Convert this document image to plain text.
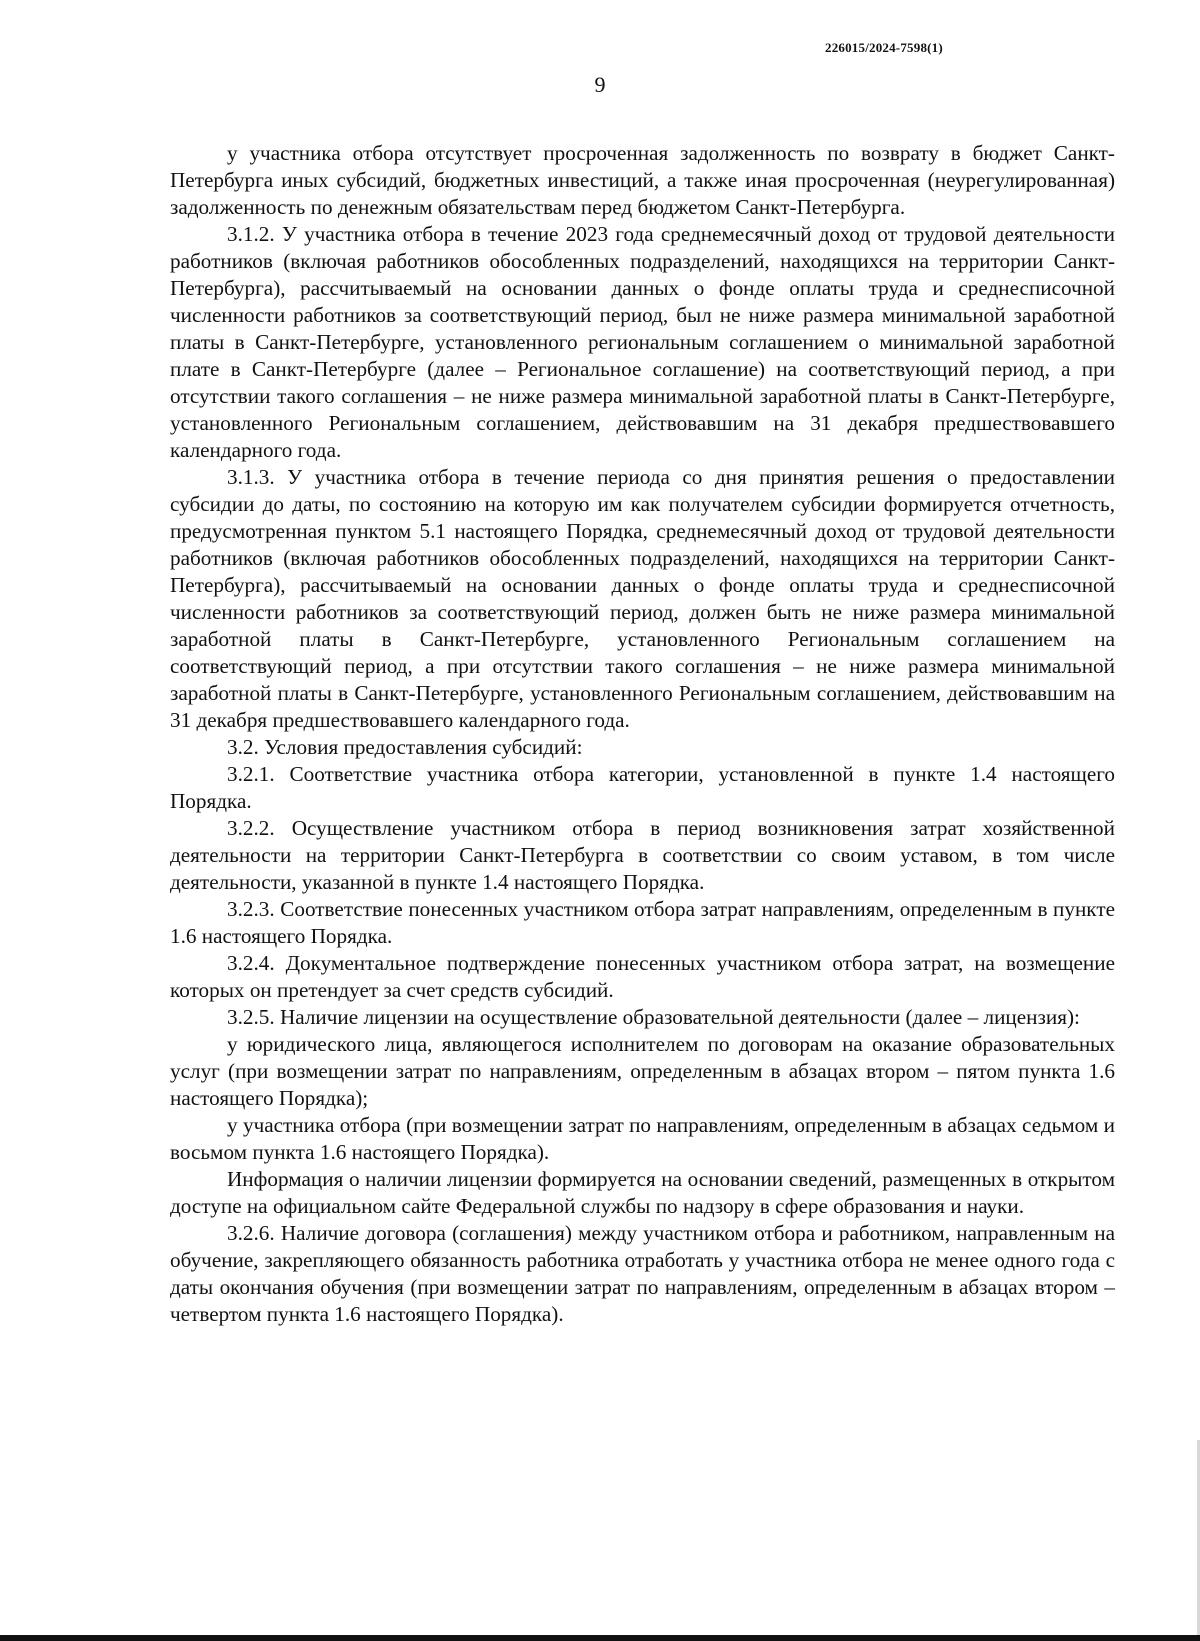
226015/2024-7598(1)
9

у участника отбора отсутствует просроченная задолженность по возврату в бюджет Санкт-Петербурга иных субсидий, бюджетных инвестиций, а также иная просроченная (неурегулированная) задолженность по денежным обязательствам перед бюджетом Санкт-Петербурга.

3.1.2. У участника отбора в течение 2023 года среднемесячный доход от трудовой деятельности работников (включая работников обособленных подразделений, находящихся на территории Санкт-Петербурга), рассчитываемый на основании данных о фонде оплаты труда и среднесписочной численности работников за соответствующий период, был не ниже размера минимальной заработной платы в Санкт-Петербурге, установленного региональным соглашением о минимальной заработной плате в Санкт-Петербурге (далее – Региональное соглашение) на соответствующий период, а при отсутствии такого соглашения – не ниже размера минимальной заработной платы в Санкт-Петербурге, установленного Региональным соглашением, действовавшим на 31 декабря предшествовавшего календарного года.

3.1.3. У участника отбора в течение периода со дня принятия решения о предоставлении субсидии до даты, по состоянию на которую им как получателем субсидии формируется отчетность, предусмотренная пунктом 5.1 настоящего Порядка, среднемесячный доход от трудовой деятельности работников (включая работников обособленных подразделений, находящихся на территории Санкт-Петербурга), рассчитываемый на основании данных о фонде оплаты труда и среднесписочной численности работников за соответствующий период, должен быть не ниже размера минимальной заработной платы в Санкт-Петербурге, установленного Региональным соглашением на соответствующий период, а при отсутствии такого соглашения – не ниже размера минимальной заработной платы в Санкт-Петербурге, установленного Региональным соглашением, действовавшим на 31 декабря предшествовавшего календарного года.

3.2. Условия предоставления субсидий:

3.2.1. Соответствие участника отбора категории, установленной в пункте 1.4 настоящего Порядка.

3.2.2. Осуществление участником отбора в период возникновения затрат хозяйственной деятельности на территории Санкт-Петербурга в соответствии со своим уставом, в том числе деятельности, указанной в пункте 1.4 настоящего Порядка.

3.2.3. Соответствие понесенных участником отбора затрат направлениям, определенным в пункте 1.6 настоящего Порядка.

3.2.4. Документальное подтверждение понесенных участником отбора затрат, на возмещение которых он претендует за счет средств субсидий.

3.2.5. Наличие лицензии на осуществление образовательной деятельности (далее – лицензия):

у юридического лица, являющегося исполнителем по договорам на оказание образовательных услуг (при возмещении затрат по направлениям, определенным в абзацах втором – пятом пункта 1.6 настоящего Порядка);

у участника отбора (при возмещении затрат по направлениям, определенным в абзацах седьмом и восьмом пункта 1.6 настоящего Порядка).

Информация о наличии лицензии формируется на основании сведений, размещенных в открытом доступе на официальном сайте Федеральной службы по надзору в сфере образования и науки.

3.2.6. Наличие договора (соглашения) между участником отбора и работником, направленным на обучение, закрепляющего обязанность работника отработать у участника отбора не менее одного года с даты окончания обучения (при возмещении затрат по направлениям, определенным в абзацах втором – четвертом пункта 1.6 настоящего Порядка).
